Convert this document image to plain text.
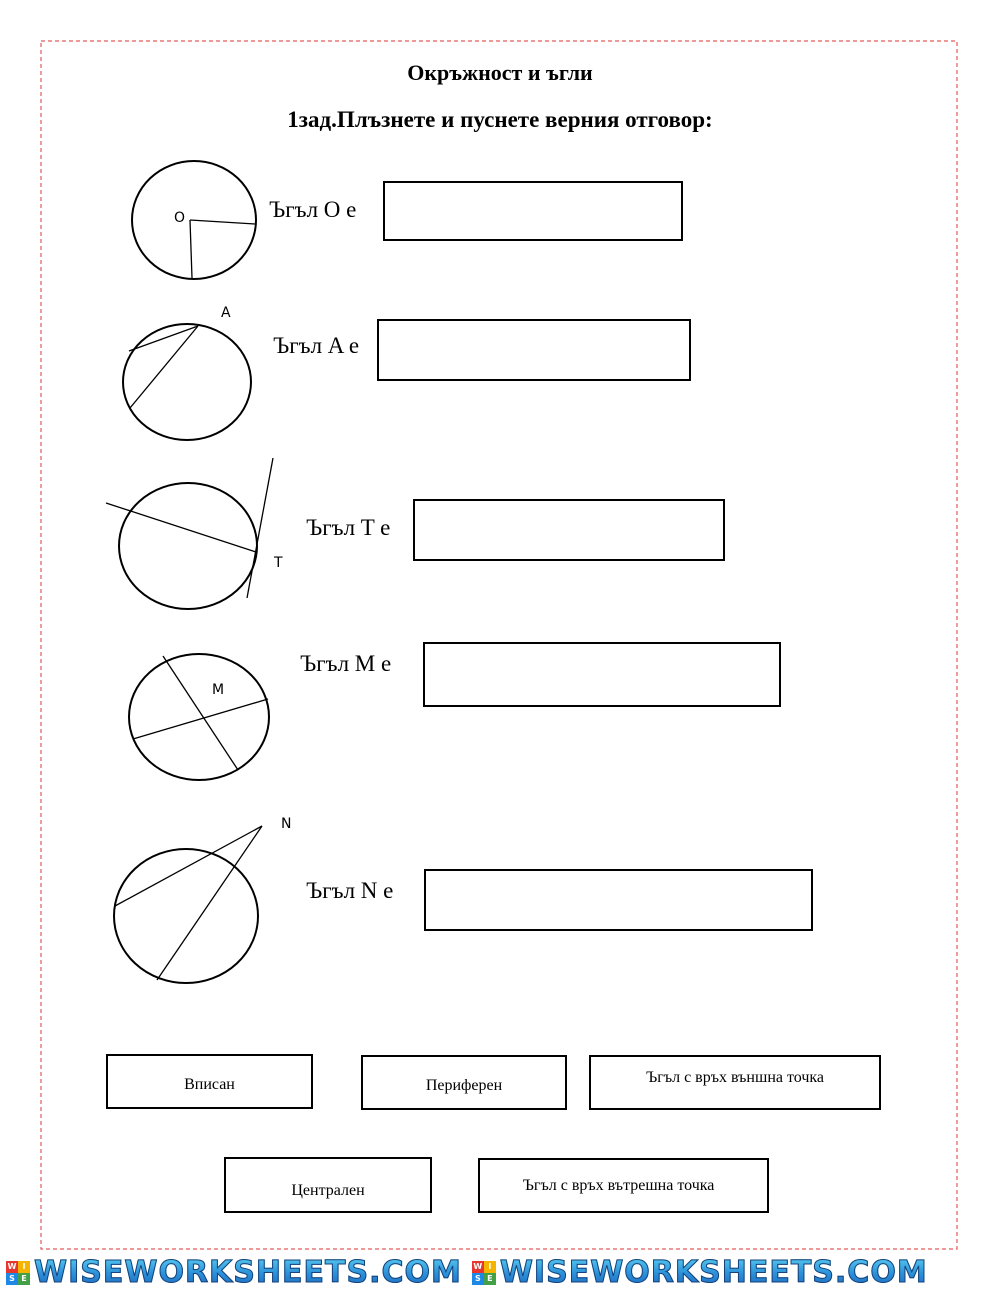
Окръжност и ъгли
1зад.Плъзнете и пуснете верния отговор:
O
A
T
M
N
Ъгъл O е
Ъгъл A е
Ъгъл T е
Ъгъл M е
Ъгъл N е
Вписан	Периферен	Ъгъл с връх външна точка
Централен	Ъгъл с връх вътрешна точка
W I
S E WISEWORKSHEETS.COM W I
S E WISEWORKSHEETS.COM
